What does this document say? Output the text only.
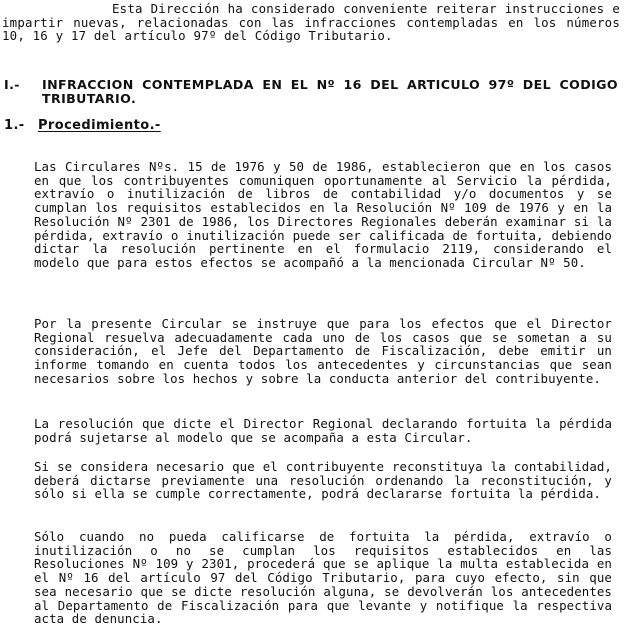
Esta Dirección ha considerado conveniente reiterar instrucciones e impartir nuevas, relacionadas con las infracciones contempladas en los números 10, 16 y 17 del artículo 97º del Código Tributario.
I.-	INFRACCION CONTEMPLADA EN EL Nº 16 DEL ARTICULO 97º DEL CODIGO TRIBUTARIO.
1.- Procedimiento.-

Las Circulares Nºs. 15 de 1976 y 50 de 1986, establecieron que en los casos en que los contribuyentes comuniquen oportunamente al Servicio la pérdida, extravío o inutilización de libros de contabilidad y/o documentos y se cumplan los requisitos establecidos en la Resolución Nº 109 de 1976 y en la Resolución Nº 2301 de 1986, los Directores Regionales deberán examinar si la pérdida, extravío o inutilización puede ser calificada de fortuita, debiendo dictar la resolución pertinente en el formulacio 2119, considerando el modelo que para estos efectos se acompañó a la mencionada Circular Nº 50.

Por la presente Circular se instruye que para los efectos que el Director Regional resuelva adecuadamente cada uno de los casos que se sometan a su consideración, el Jefe del Departamento de Fiscalización, debe emitir un informe tomando en cuenta todos los antecedentes y circunstancias que sean necesarios sobre los hechos y sobre la conducta anterior del contribuyente.

La resolución que dicte el Director Regional declarando fortuita la pérdida podrá sujetarse al modelo que se acompaña a esta Circular.

Si se considera necesario que el contribuyente reconstituya la contabilidad, deberá dictarse previamente una resolución ordenando la reconstitución, y sólo si ella se cumple correctamente, podrá declararse fortuita la pérdida.

Sólo cuando no pueda calificarse de fortuita la pérdida, extravío o inutilización o no se cumplan los requisitos establecidos en las Resoluciones Nº 109 y 2301, procederá que se aplique la multa establecida en el Nº 16 del artículo 97 del Código Tributario, para cuyo efecto, sin que sea necesario que se dicte resolución alguna, se devolverán los antecedentes al Departamento de Fiscalización para que levante y notifique la respectiva acta de denuncia.
